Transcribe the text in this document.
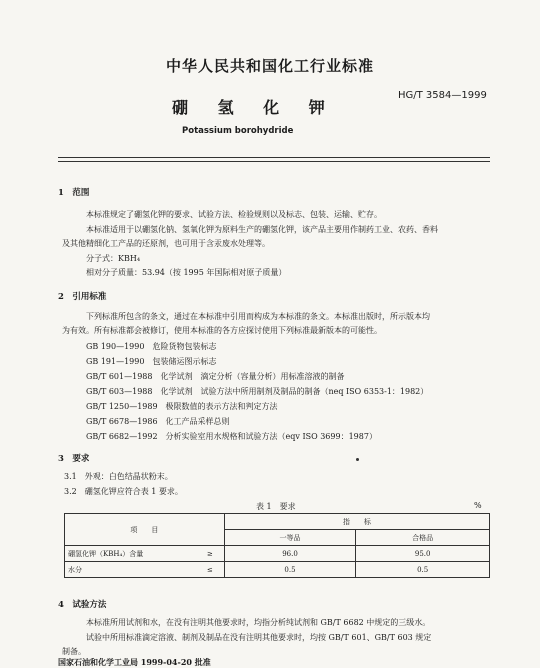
中华人民共和国化工行业标准
HG/T 3584—1999
硼 氢 化 钾
Potassium borohydride
1　范围
本标准规定了硼氢化钾的要求、试验方法、检验规则以及标志、包装、运输、贮存。
本标准适用于以硼氢化钠、氢氧化钾为原料生产的硼氢化钾，该产品主要用作制药工业、农药、香料
及其他精细化工产品的还原剂，也可用于含汞废水处理等。
分子式：KBH₄
相对分子质量：53.94（按 1995 年国际相对原子质量）
2　引用标准
下列标准所包含的条文，通过在本标准中引用而构成为本标准的条文。本标准出版时，所示版本均
为有效。所有标准都会被修订，使用本标准的各方应探讨使用下列标准最新版本的可能性。
GB 190—1990　危险货物包装标志
GB 191—1990　包装储运图示标志
GB/T 601—1988　化学试剂　滴定分析（容量分析）用标准溶液的制备
GB/T 603—1988　化学试剂　试验方法中所用制剂及制品的制备（neq ISO 6353-1：1982）
GB/T 1250—1989　极限数值的表示方法和判定方法
GB/T 6678—1986　化工产品采样总则
GB/T 6682—1992　分析实验室用水规格和试验方法（eqv ISO 3699：1987）
3　要求
3.1　外观：白色结晶状粉末。
3.2　硼氢化钾应符合表 1 要求。
表 1　要求	%
项　　目		指　　标	
		一等品	合格品
硼氢化钾（KBH₄）含量	≥	96.0	95.0
水分	≤	0.5	0.5
4　试验方法
本标准所用试剂和水，在没有注明其他要求时，均指分析纯试剂和 GB/T 6682 中规定的三级水。
试验中所用标准滴定溶液、制剂及制品在没有注明其他要求时，均按 GB/T 601、GB/T 603 规定
制备。
国家石油和化学工业局 1999-04-20 批准
